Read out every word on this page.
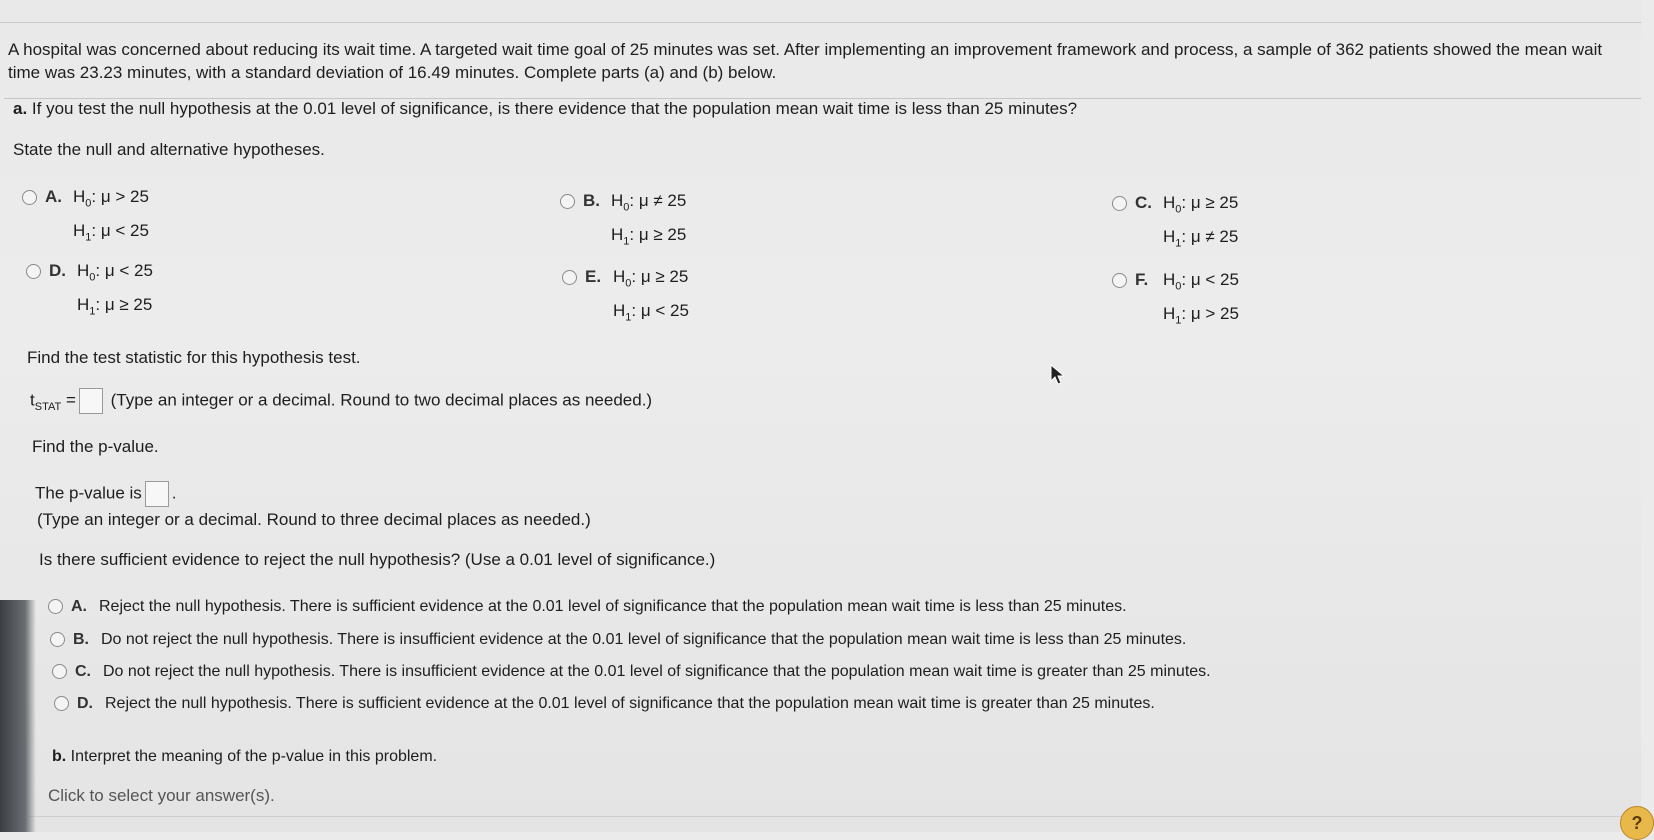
A hospital was concerned about reducing its wait time. A targeted wait time goal of 25 minutes was set. After implementing an improvement framework and process, a sample of 362 patients showed the mean wait time was 23.23 minutes, with a standard deviation of 16.49 minutes. Complete parts (a) and (b) below.
a. If you test the null hypothesis at the 0.01 level of significance, is there evidence that the population mean wait time is less than 25 minutes?
State the null and alternative hypotheses.
A. $H_0$: μ > 25
$H_1$: μ < 25
B. $H_0$: μ ≠ 25
$H_1$: μ ≥ 25
C. $H_0$: μ ≥ 25
$H_1$: μ ≠ 25
D. $H_0$: μ < 25
$H_1$: μ ≥ 25
E. $H_0$: μ ≥ 25
$H_1$: μ < 25
F. $H_0$: μ < 25
$H_1$: μ > 25
Find the test statistic for this hypothesis test.
$t_{STAT}$ = (Type an integer or a decimal. Round to two decimal places as needed.)
Find the p-value.
The p-value is .
(Type an integer or a decimal. Round to three decimal places as needed.)
Is there sufficient evidence to reject the null hypothesis? (Use a 0.01 level of significance.)
A. Reject the null hypothesis. There is sufficient evidence at the 0.01 level of significance that the population mean wait time is less than 25 minutes.
B. Do not reject the null hypothesis. There is insufficient evidence at the 0.01 level of significance that the population mean wait time is less than 25 minutes.
C. Do not reject the null hypothesis. There is insufficient evidence at the 0.01 level of significance that the population mean wait time is greater than 25 minutes.
D. Reject the null hypothesis. There is sufficient evidence at the 0.01 level of significance that the population mean wait time is greater than 25 minutes.
b. Interpret the meaning of the p-value in this problem.
Click to select your answer(s).
?
